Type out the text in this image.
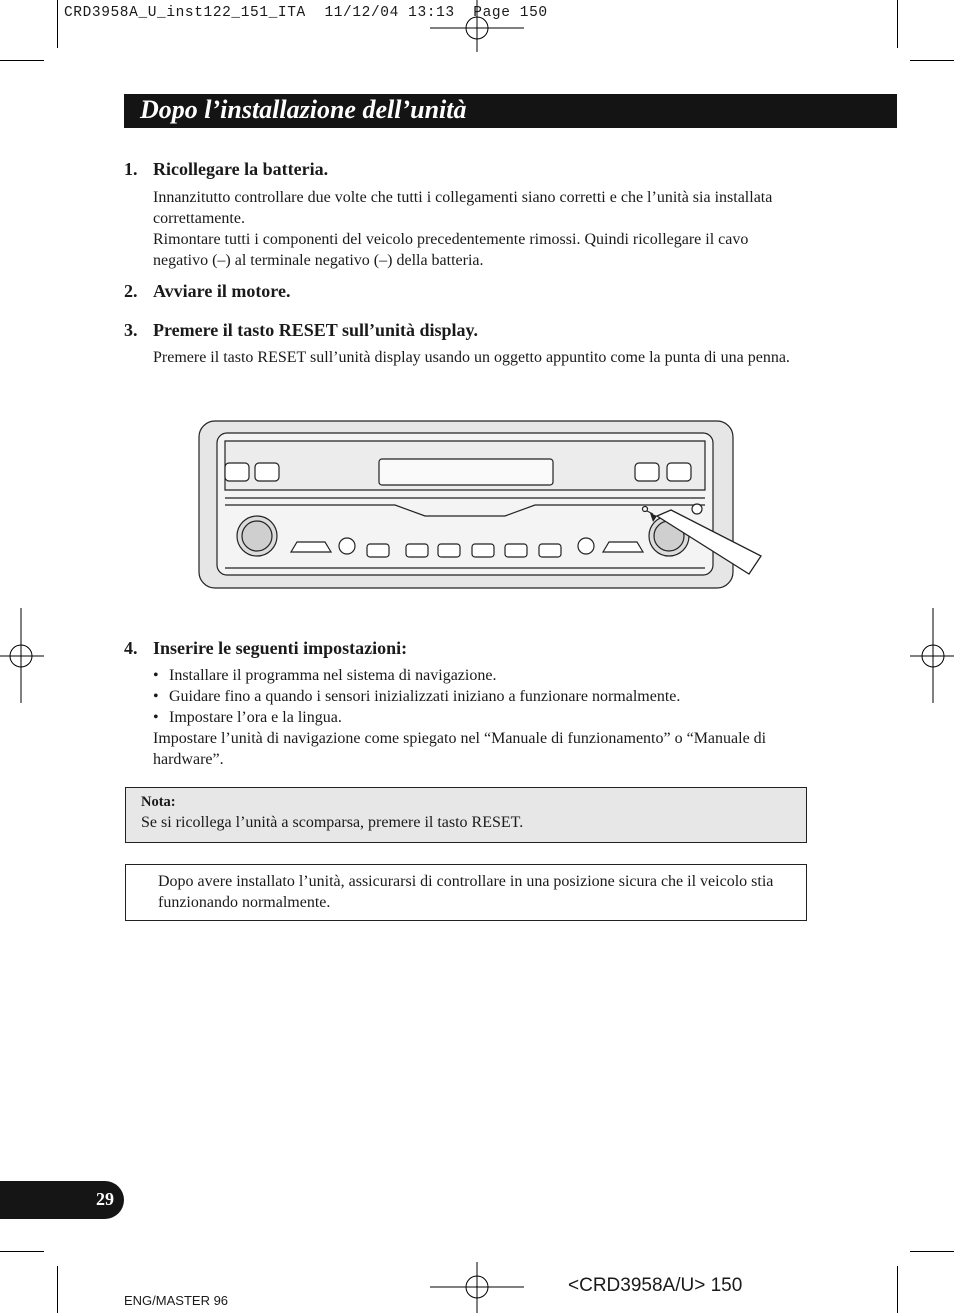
CRD3958A_U_inst122_151_ITA 11/12/04 13:13 Page 150
Dopo l’installazione dell’unità
1. Ricollegare la batteria.

Innanzitutto controllare due volte che tutti i collegamenti siano corretti e che l’unità sia installata correttamente.

Rimontare tutti i componenti del veicolo precedentemente rimossi. Quindi ricollegare il cavo negativo (–) al terminale negativo (–) della batteria.

2. Avviare il motore.
3. Premere il tasto RESET sull’unità display.

Premere il tasto RESET sull’unità display usando un oggetto appuntito come la punta di una penna.

4. Inserire le seguenti impostazioni:
• Installare il programma nel sistema di navigazione.
• Guidare fino a quando i sensori inizializzati iniziano a funzionare normalmente.
• Impostare l’ora e la lingua.

Impostare l’unità di navigazione come spiegato nel “Manuale di funzionamento” o “Manuale di hardware”.

Nota:
Se si ricollega l’unità a scomparsa, premere il tasto RESET.
Dopo avere installato l’unità, assicurarsi di controllare in una posizione sicura che il veicolo stia funzionando normalmente.
29
ENG/MASTER 96
<CRD3958A/U> 150
